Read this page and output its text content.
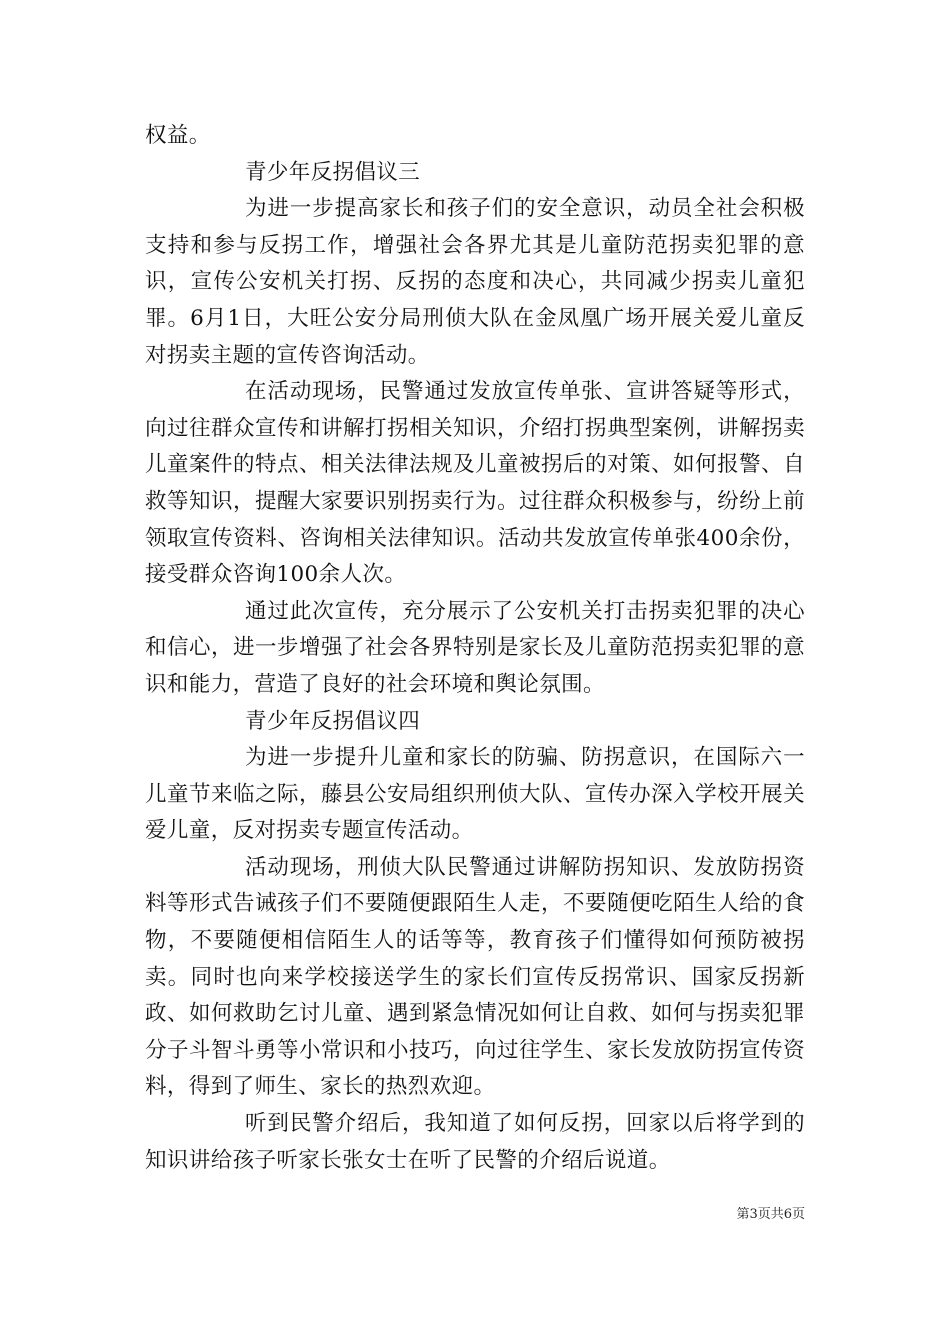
权益。

青少年反拐倡议三

为进一步提高家长和孩子们的安全意识，动员全社会积极支持和参与反拐工作，增强社会各界尤其是儿童防范拐卖犯罪的意识，宣传公安机关打拐、反拐的态度和决心，共同减少拐卖儿童犯罪。6月1日，大旺公安分局刑侦大队在金凤凰广场开展关爱儿童反对拐卖主题的宣传咨询活动。

在活动现场，民警通过发放宣传单张、宣讲答疑等形式，向过往群众宣传和讲解打拐相关知识，介绍打拐典型案例，讲解拐卖儿童案件的特点、相关法律法规及儿童被拐后的对策、如何报警、自救等知识，提醒大家要识别拐卖行为。过往群众积极参与，纷纷上前领取宣传资料、咨询相关法律知识。活动共发放宣传单张400余份，接受群众咨询100余人次。

通过此次宣传，充分展示了公安机关打击拐卖犯罪的决心和信心，进一步增强了社会各界特别是家长及儿童防范拐卖犯罪的意识和能力，营造了良好的社会环境和舆论氛围。

青少年反拐倡议四

为进一步提升儿童和家长的防骗、防拐意识，在国际六一儿童节来临之际，藤县公安局组织刑侦大队、宣传办深入学校开展关爱儿童，反对拐卖专题宣传活动。

活动现场，刑侦大队民警通过讲解防拐知识、发放防拐资料等形式告诫孩子们不要随便跟陌生人走，不要随便吃陌生人给的食物，不要随便相信陌生人的话等等，教育孩子们懂得如何预防被拐卖。同时也向来学校接送学生的家长们宣传反拐常识、国家反拐新政、如何救助乞讨儿童、遇到紧急情况如何让自救、如何与拐卖犯罪分子斗智斗勇等小常识和小技巧，向过往学生、家长发放防拐宣传资料，得到了师生、家长的热烈欢迎。

听到民警介绍后，我知道了如何反拐，回家以后将学到的知识讲给孩子听家长张女士在听了民警的介绍后说道。

第3页共6页
